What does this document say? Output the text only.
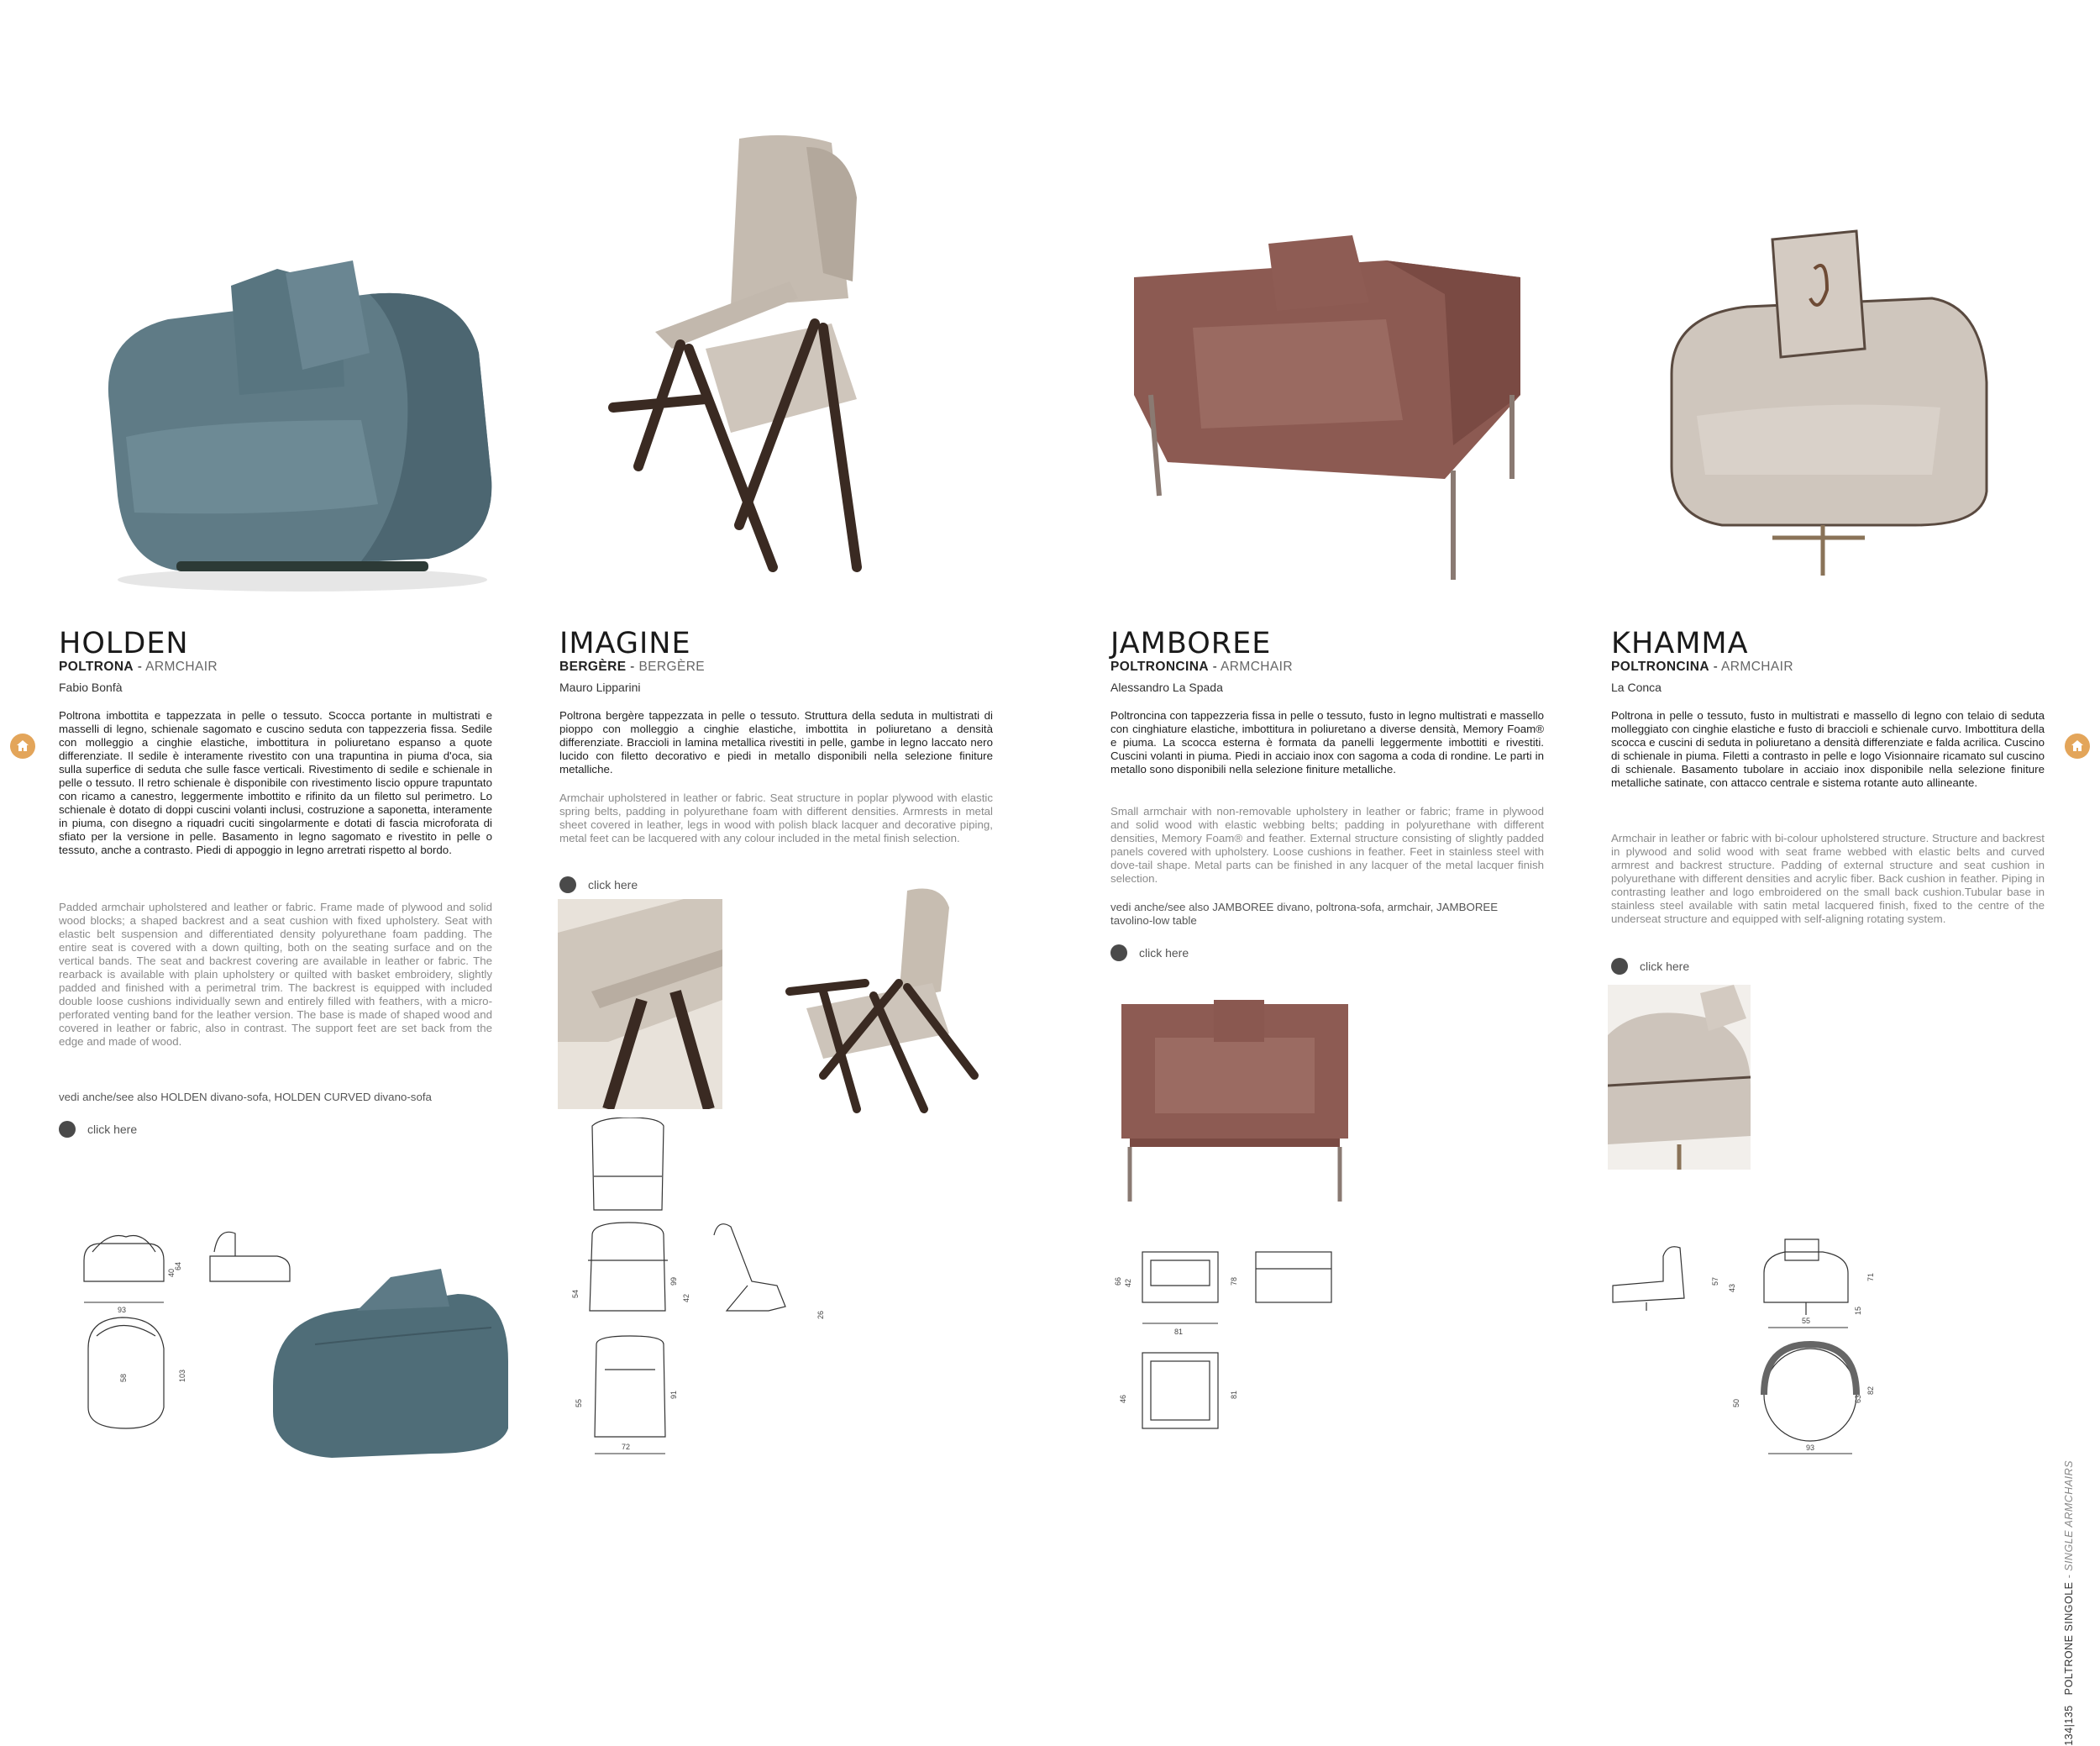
134|135   POLTRONE SINGOLE - SINGLE ARMCHAIRS
HOLDEN
POLTRONA - ARMCHAIR
Fabio Bonfà
Poltrona imbottita e tappezzata in pelle o tessuto. Scocca portante in multistrati e masselli di legno, schienale sagomato e cuscino seduta con tappezzeria fissa. Sedile con molleggio a cinghie elastiche, imbottitura in poliuretano espanso a quote differenziate. Il sedile è interamente rivestito con una trapuntina in piuma d'oca, sia sulla superfice di seduta che sulle fasce verticali. Rivestimento di sedile e schienale in pelle o tessuto. Il retro schienale è disponibile con rivestimento liscio oppure trapuntato con ricamo a canestro, leggermente imbottito e rifinito da un filetto sul perimetro. Lo schienale è dotato di doppi cuscini volanti inclusi, costruzione a saponetta, interamente in piuma, con disegno a riquadri cuciti singolarmente e dotati di fascia microforata di sfiato per la versione in pelle. Basamento in legno sagomato e rivestito in pelle o tessuto, anche a contrasto. Piedi di appoggio in legno arretrati rispetto al bordo.
Padded armchair upholstered and leather or fabric. Frame made of plywood and solid wood blocks; a shaped backrest and a seat cushion with fixed upholstery. Seat with elastic belt suspension and differentiated density polyurethane foam padding. The entire seat is covered with a down quilting, both on the seating surface and on the vertical bands. The seat and backrest covering are available in leather or fabric. The rearback is available with plain upholstery or quilted with basket embroidery, slightly padded and finished with a perimetral trim. The backrest is equipped with included double loose cushions individually sewn and entirely filled with feathers, with a micro-perforated venting band for the leather version. The base is made of shaped wood and covered in leather or fabric, also in contrast. The support feet are set back from the edge and made of wood.
vedi anche/see also HOLDEN divano-sofa, HOLDEN CURVED divano-sofa
click here
93
64
40
103
58
IMAGINE
BERGÈRE - BERGÈRE
Mauro Lipparini
Poltrona bergère tappezzata in pelle o tessuto. Struttura della seduta in multistrati di pioppo con molleggio a cinghie elastiche, imbottita in poliuretano a densità differenziate. Braccioli in lamina metallica rivestiti in pelle, gambe in legno laccato nero lucido con filetto decorativo e piedi in metallo disponibili nella selezione finiture metalliche.
Armchair upholstered in leather or fabric. Seat structure in poplar plywood with elastic spring belts, padding in polyurethane foam with different densities. Armrests in metal sheet covered in leather, legs in wood with polish black lacquer and decorative piping, metal feet can be lacquered with any colour included in the metal finish selection.
click here
99
54	42
26
91
55
72
JAMBOREE
POLTRONCINA - ARMCHAIR
Alessandro La Spada
Poltroncina con tappezzeria fissa in pelle o tessuto, fusto in legno multistrati e massello con cinghiature elastiche, imbottitura in poliuretano a diverse densità, Memory Foam® e piuma. La scocca esterna è formata da panelli leggermente imbottiti e rivestiti. Cuscini volanti in piuma. Piedi in acciaio inox con sagoma a coda di rondine. Le parti in metallo sono disponibili nella selezione finiture metalliche.
Small armchair with non-removable upholstery in leather or fabric; frame in plywood and solid wood with elastic webbing belts; padding in polyurethane with different densities, Memory Foam® and feather. External structure consisting of slightly padded panels covered with upholstery. Loose cushions in feather. Feet in stainless steel with dove-tail shape. Metal parts can be finished in any lacquer of the metal lacquer finish selection.
vedi anche/see also JAMBOREE divano, poltrona-sofa, armchair, JAMBOREE tavolino-low table
click here
66 42	78
81
46	81
KHAMMA
POLTRONCINA - ARMCHAIR
La Conca
Poltrona in pelle o tessuto, fusto in multistrati e massello di legno con telaio di seduta molleggiato con cinghie elastiche e fusto di braccioli e schienale curvo. Imbottitura della scocca e cuscini di seduta in poliuretano a densità differenziate e falda acrilica. Cuscino di schienale in piuma. Filetti a contrasto in pelle e logo Visionnaire ricamato sul cuscino di schienale. Basamento tubolare in acciaio inox disponibile nella selezione finiture metalliche satinate, con attacco centrale e sistema rotante auto allineante.
Armchair in leather or fabric with bi-colour upholstered structure. Structure and backrest in plywood and solid wood with seat frame webbed with elastic belts and curved armrest and backrest structure. Padding of external structure and seat cushion in polyurethane with different densities and acrylic fiber. Back cushion in feather. Piping in contrasting leather and logo embroidered on the small back cushion.Tubular base in stainless steel available with satin metal lacquered finish, fixed to the centre of the underseat structure and equipped with self-aligning rotating system.
click here
57
43
71
55
15
50	63
82
93
